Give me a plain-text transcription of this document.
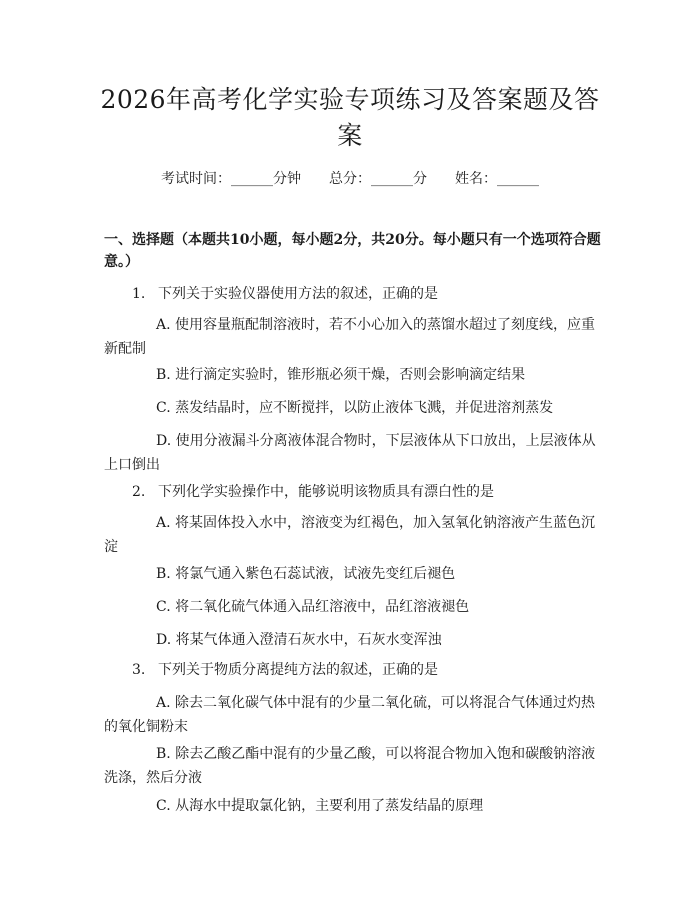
2026年高考化学实验专项练习及答案题及答案
考试时间：______分钟 总分：______分 姓名：______
一、选择题（本题共10小题，每小题2分，共20分。每小题只有一个选项符合题意。）
1. 下列关于实验仪器使用方法的叙述，正确的是
A. 使用容量瓶配制溶液时，若不小心加入的蒸馏水超过了刻度线，应重新配制
B. 进行滴定实验时，锥形瓶必须干燥，否则会影响滴定结果
C. 蒸发结晶时，应不断搅拌，以防止液体飞溅，并促进溶剂蒸发
D. 使用分液漏斗分离液体混合物时，下层液体从下口放出，上层液体从上口倒出
2. 下列化学实验操作中，能够说明该物质具有漂白性的是
A. 将某固体投入水中，溶液变为红褐色，加入氢氧化钠溶液产生蓝色沉淀
B. 将氯气通入紫色石蕊试液，试液先变红后褪色
C. 将二氧化硫气体通入品红溶液中，品红溶液褪色
D. 将某气体通入澄清石灰水中，石灰水变浑浊
3. 下列关于物质分离提纯方法的叙述，正确的是
A. 除去二氧化碳气体中混有的少量二氧化硫，可以将混合气体通过灼热的氧化铜粉末
B. 除去乙酸乙酯中混有的少量乙酸，可以将混合物加入饱和碳酸钠溶液洗涤，然后分液
C. 从海水中提取氯化钠，主要利用了蒸发结晶的原理
